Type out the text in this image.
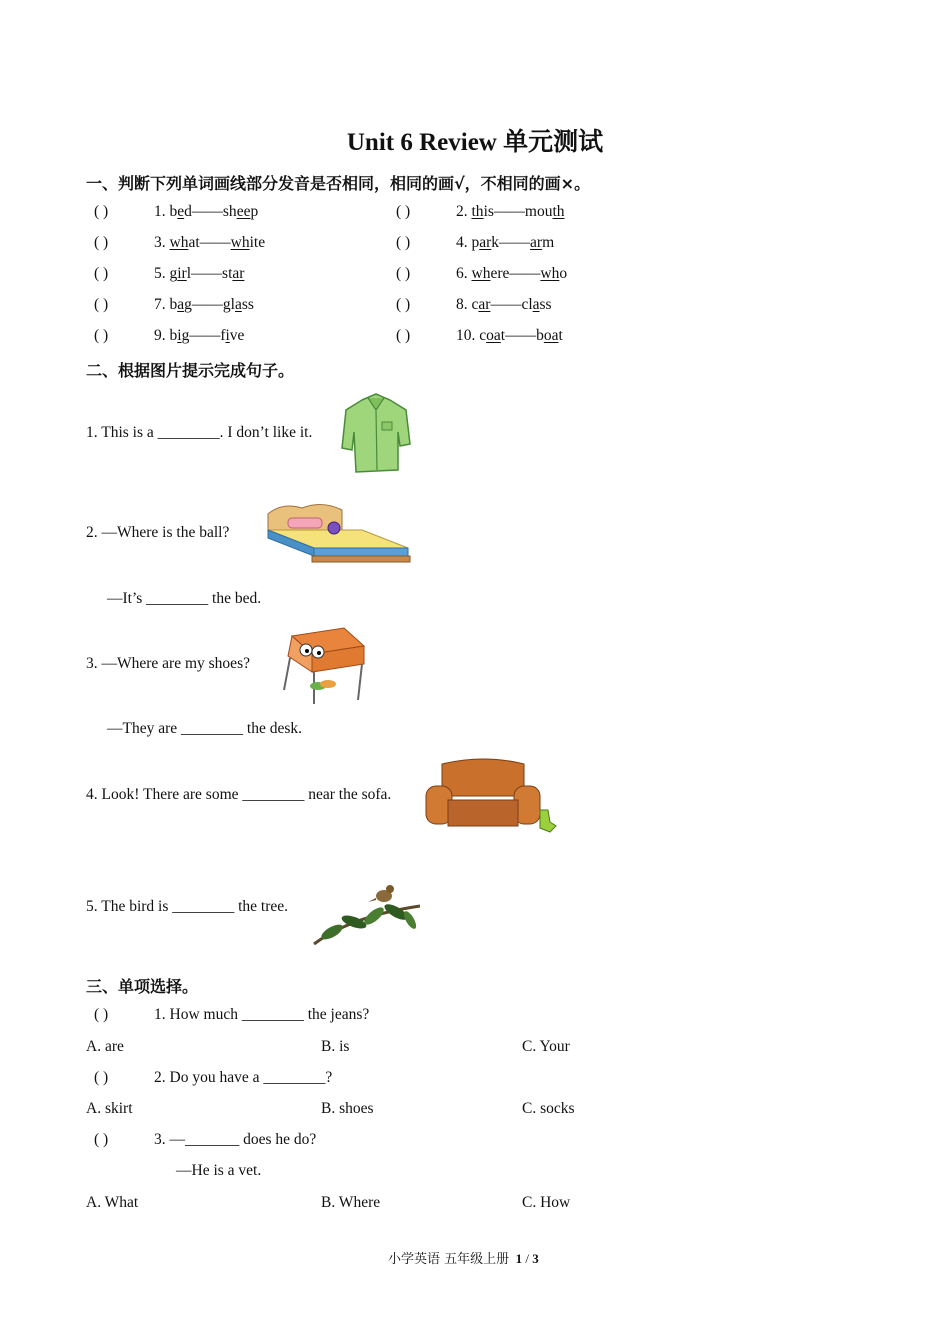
Unit 6 Review 单元测试
一、判断下列单词画线部分发音是否相同，相同的画√，不相同的画×。
( )	1. bed——sheep	( )	2. this——mouth
( )	3. what——white	( )	4. park——arm
( )	5. girl——star	( )	6. where——who
( )	7. bag——glass	( )	8. car——class
( )	9. big——five	( )	10. coat——boat
二、根据图片提示完成句子。
1. This is a ________. I don’t like it.
2. —Where is the ball?
—It’s ________ the bed.
3. —Where are my shoes?
—They are ________ the desk.
4. Look! There are some ________ near the sofa.
5. The bird is ________ the tree.
三、单项选择。
( )	1. How much ________ the jeans?
A. are	B. is	C. Your
( )	2. Do you have a ________?
A. skirt	B. shoes	C. socks
( )	3. —_______ does he do?
—He is a vet.
A. What	B. Where	C. How
小学英语 五年级上册 1 / 3
